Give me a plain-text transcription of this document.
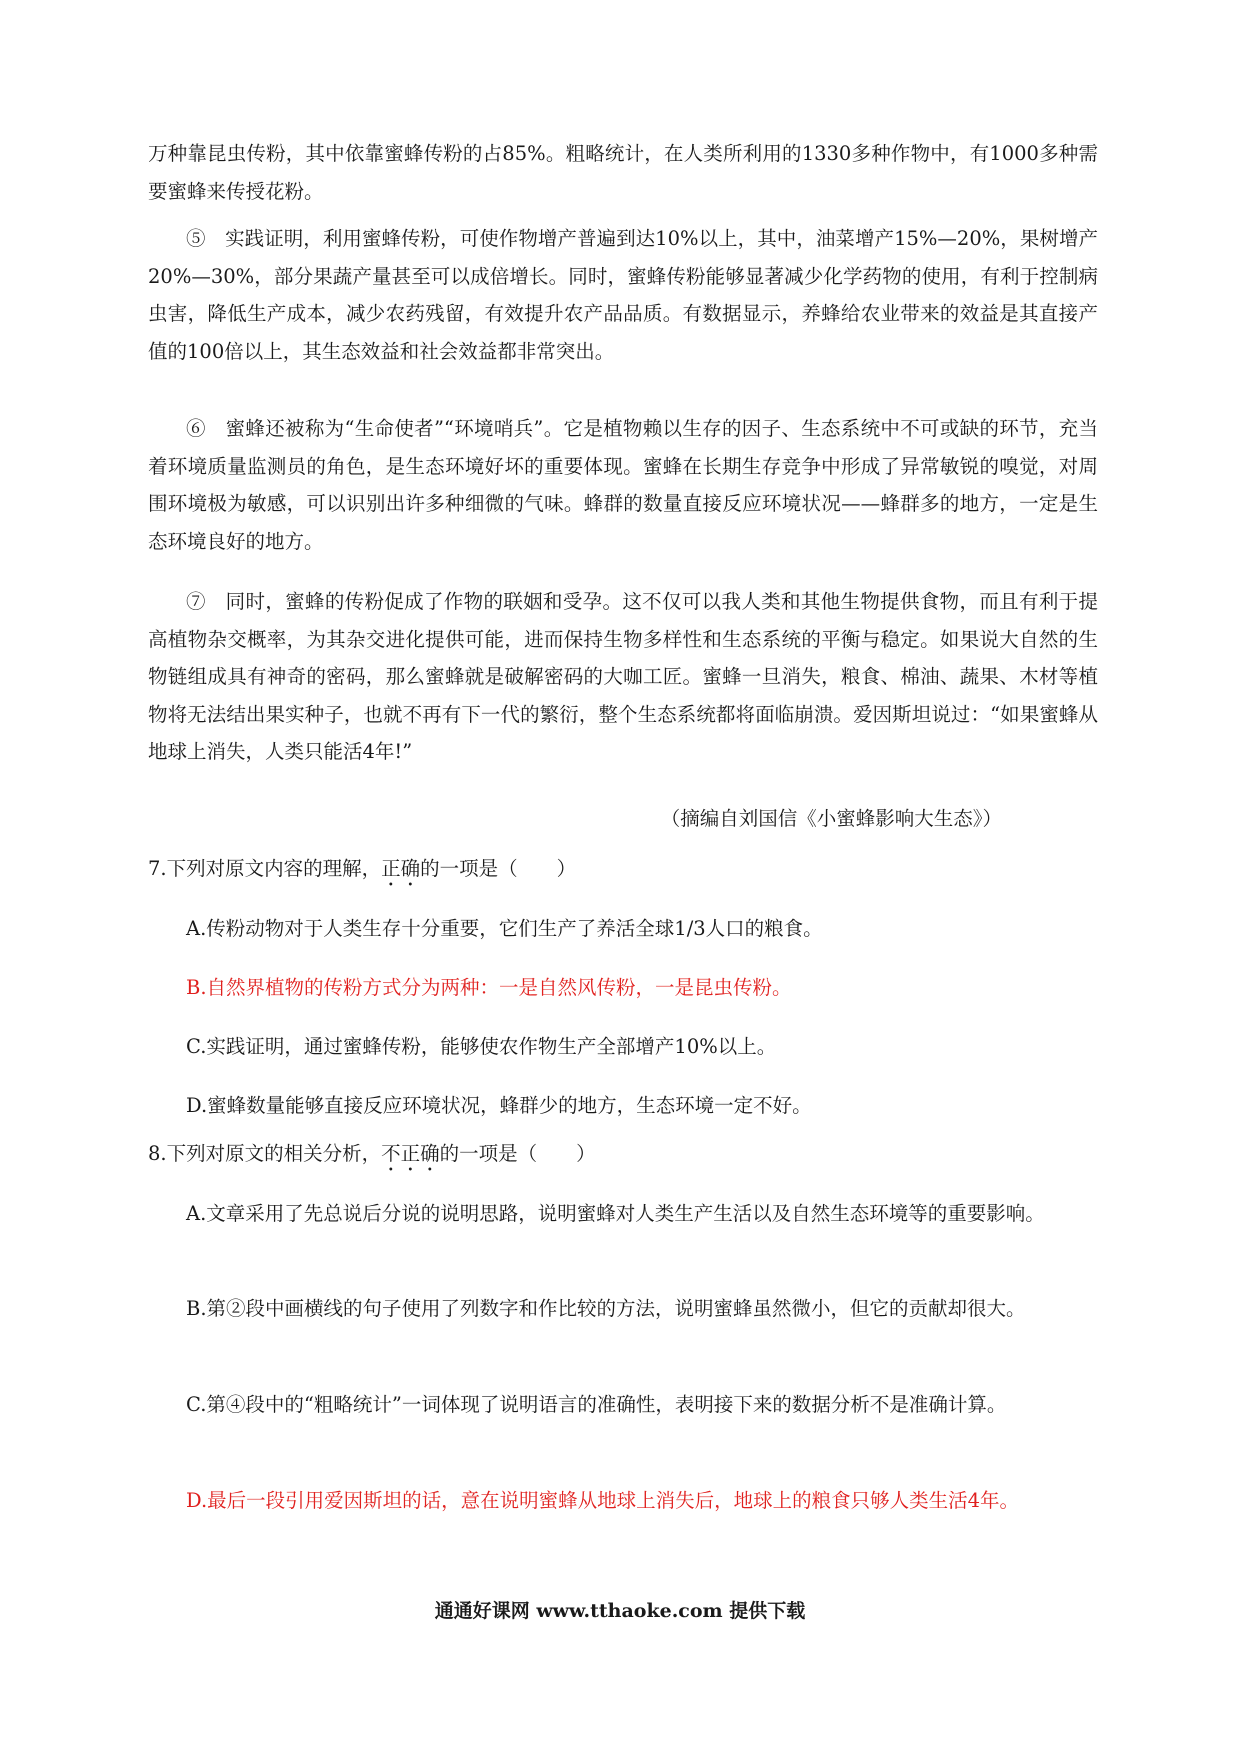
万种靠昆虫传粉，其中依靠蜜蜂传粉的占85%。粗略统计，在人类所利用的1330多种作物中，有1000多种需要蜜蜂来传授花粉。

⑤　实践证明，利用蜜蜂传粉，可使作物增产普遍到达10%以上，其中，油菜增产15%—20%，果树增产20%—30%，部分果蔬产量甚至可以成倍增长。同时，蜜蜂传粉能够显著减少化学药物的使用，有利于控制病虫害，降低生产成本，减少农药残留，有效提升农产品品质。有数据显示，养蜂给农业带来的效益是其直接产值的100倍以上，其生态效益和社会效益都非常突出。

⑥　蜜蜂还被称为“生命使者”“环境哨兵”。它是植物赖以生存的因子、生态系统中不可或缺的环节，充当着环境质量监测员的角色，是生态环境好坏的重要体现。蜜蜂在长期生存竞争中形成了异常敏锐的嗅觉，对周围环境极为敏感，可以识别出许多种细微的气味。蜂群的数量直接反应环境状况——蜂群多的地方，一定是生态环境良好的地方。

⑦　同时，蜜蜂的传粉促成了作物的联姻和受孕。这不仅可以我人类和其他生物提供食物，而且有利于提高植物杂交概率，为其杂交进化提供可能，进而保持生物多样性和生态系统的平衡与稳定。如果说大自然的生物链组成具有神奇的密码，那么蜜蜂就是破解密码的大咖工匠。蜜蜂一旦消失，粮食、棉油、蔬果、木材等植物将无法结出果实种子，也就不再有下一代的繁衍，整个生态系统都将面临崩溃。爱因斯坦说过：“如果蜜蜂从地球上消失，人类只能活4年!”

（摘编自刘国信《小蜜蜂影响大生态》）

7.下列对原文内容的理解，正确的一项是（　　）

A.传粉动物对于人类生存十分重要，它们生产了养活全球1/3人口的粮食。

B.自然界植物的传粉方式分为两种：一是自然风传粉，一是昆虫传粉。

C.实践证明，通过蜜蜂传粉，能够使农作物生产全部增产10%以上。

D.蜜蜂数量能够直接反应环境状况，蜂群少的地方，生态环境一定不好。

8.下列对原文的相关分析，不正确的一项是（　　）

A.文章采用了先总说后分说的说明思路，说明蜜蜂对人类生产生活以及自然生态环境等的重要影响。

B.第②段中画横线的句子使用了列数字和作比较的方法，说明蜜蜂虽然微小，但它的贡献却很大。

C.第④段中的“粗略统计”一词体现了说明语言的准确性，表明接下来的数据分析不是准确计算。

D.最后一段引用爱因斯坦的话，意在说明蜜蜂从地球上消失后，地球上的粮食只够人类生活4年。

通通好课网 www.tthaoke.com 提供下载
